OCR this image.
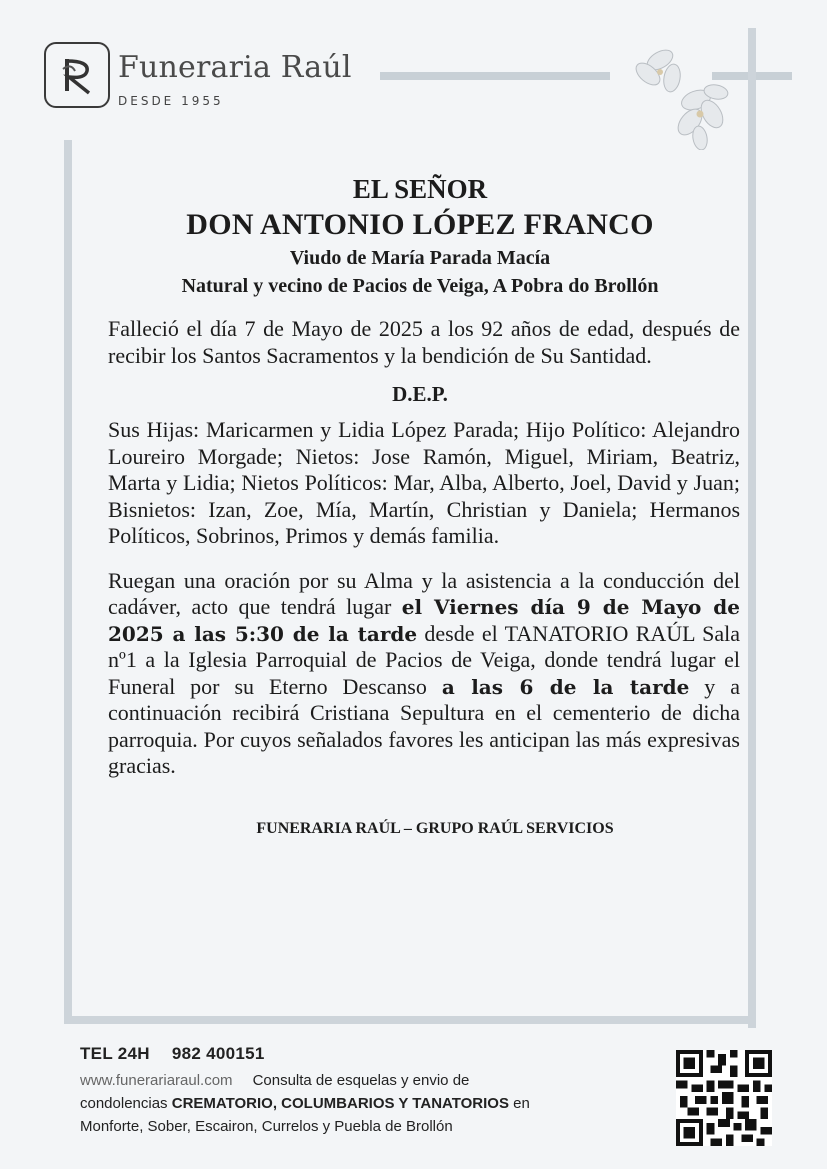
Funeraria Raúl
DESDE 1955
EL SEÑOR
DON ANTONIO LÓPEZ FRANCO
Viudo de María Parada Macía
Natural y vecino de Pacios de Veiga, A Pobra do Brollón

Falleció el día 7 de Mayo de 2025 a los 92 años de edad, después de recibir los Santos Sacramentos y la bendición de Su Santidad.

D.E.P.

Sus Hijas: Maricarmen y Lidia López Parada; Hijo Político: Alejandro Loureiro Morgade; Nietos: Jose Ramón, Miguel, Miriam, Beatriz, Marta y Lidia; Nietos Políticos: Mar, Alba, Alberto, Joel, David y Juan; Bisnietos: Izan, Zoe, Mía, Martín, Christian y Daniela; Hermanos Políticos, Sobrinos, Primos y demás familia.

Ruegan una oración por su Alma y la asistencia a la conducción del cadáver, acto que tendrá lugar el Viernes día 9 de Mayo de 2025 a las 5:30 de la tarde desde el TANATORIO RAÚL Sala nº1 a la Iglesia Parroquial de Pacios de Veiga, donde tendrá lugar el Funeral por su Eterno Descanso a las 6 de la tarde y a continuación recibirá Cristiana Sepultura en el cementerio de dicha parroquia. Por cuyos señalados favores les anticipan las más expresivas gracias.

FUNERARIA RAÚL – GRUPO RAÚL SERVICIOS
TEL 24H 982 400151
www.funerariaraul.com Consulta de esquelas y envio de
condolencias CREMATORIO, COLUMBARIOS Y TANATORIOS en
Monforte, Sober, Escairon, Currelos y Puebla de Brollón
